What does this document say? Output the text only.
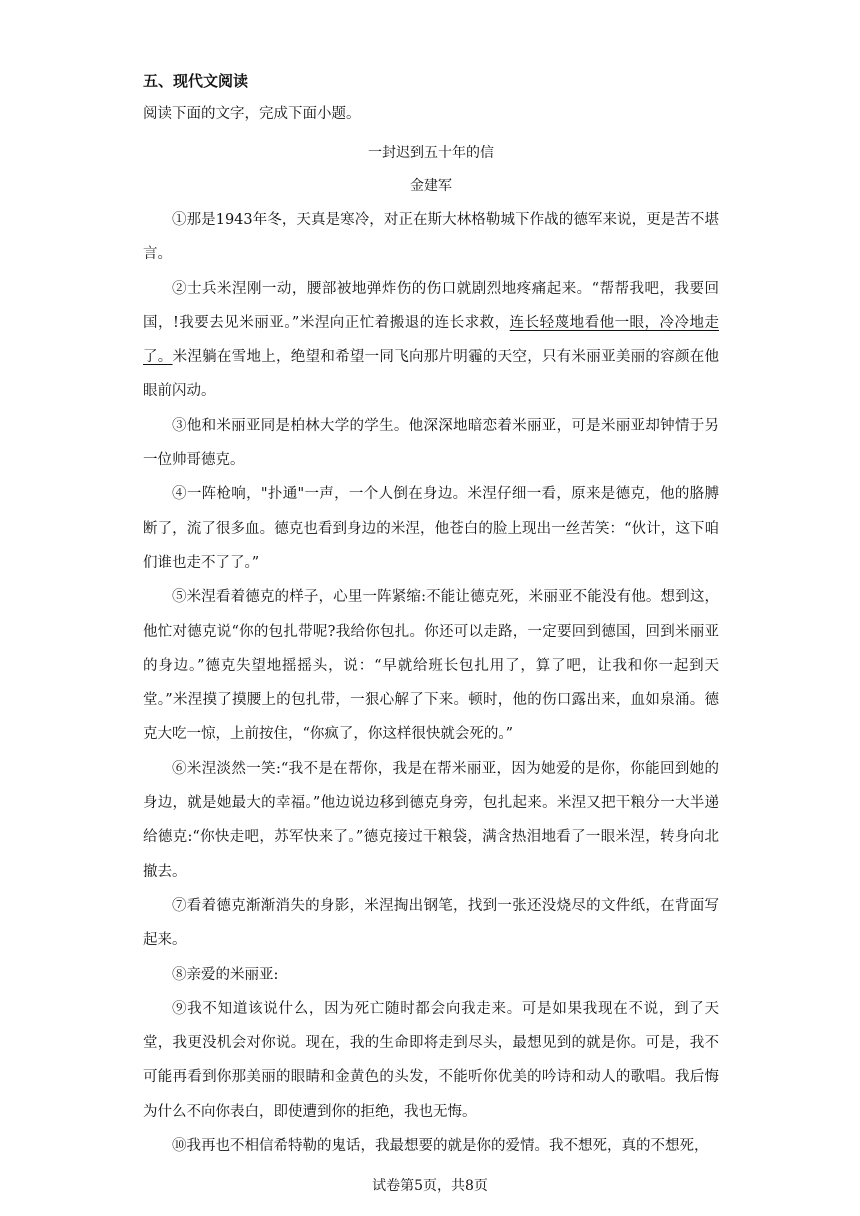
五、现代文阅读

阅读下面的文字，完成下面小题。

一封迟到五十年的信

金建军

①那是1943年冬，天真是寒冷，对正在斯大林格勒城下作战的德军来说，更是苦不堪言。

②士兵米涅刚一动，腰部被地弹炸伤的伤口就剧烈地疼痛起来。“帮帮我吧，我要回国，!我要去见米丽亚。”米涅向正忙着搬退的连长求救，连长轻蔑地看他一眼，冷冷地走了。米涅躺在雪地上，绝望和希望一同飞向那片明霾的天空，只有米丽亚美丽的容颜在他眼前闪动。

③他和米丽亚同是柏林大学的学生。他深深地暗恋着米丽亚，可是米丽亚却钟情于另一位帅哥德克。

④一阵枪响，"扑通"一声，一个人倒在身边。米涅仔细一看，原来是德克，他的胳膊断了，流了很多血。德克也看到身边的米涅，他苍白的脸上现出一丝苦笑：“伙计，这下咱们谁也走不了了。”

⑤米涅看着德克的样子，心里一阵紧缩:不能让德克死，米丽亚不能没有他。想到这，他忙对德克说“你的包扎带呢?我给你包扎。你还可以走路，一定要回到德国，回到米丽亚的身边。”德克失望地摇摇头，说：“早就给班长包扎用了，算了吧，让我和你一起到天堂。”米涅摸了摸腰上的包扎带，一狠心解了下来。顿时，他的伤口露出来，血如泉涌。德克大吃一惊，上前按住，“你疯了，你这样很快就会死的。”

⑥米涅淡然一笑:“我不是在帮你，我是在帮米丽亚，因为她爱的是你，你能回到她的身边，就是她最大的幸福。”他边说边移到德克身旁，包扎起来。米涅又把干粮分一大半递给德克:“你快走吧，苏军快来了。”德克接过干粮袋，满含热泪地看了一眼米涅，转身向北撤去。

⑦看着德克渐渐消失的身影，米涅掏出钢笔，找到一张还没烧尽的文件纸，在背面写起来。

⑧亲爱的米丽亚:

⑨我不知道该说什么，因为死亡随时都会向我走来。可是如果我现在不说，到了天堂，我更没机会对你说。现在，我的生命即将走到尽头，最想见到的就是你。可是，我不可能再看到你那美丽的眼睛和金黄色的头发，不能听你优美的吟诗和动人的歌唱。我后悔为什么不向你表白，即使遭到你的拒绝，我也无悔。

⑩我再也不相信希特勒的鬼话，我最想要的就是你的爱情。我不想死，真的不想死，

试卷第5页，共8页
